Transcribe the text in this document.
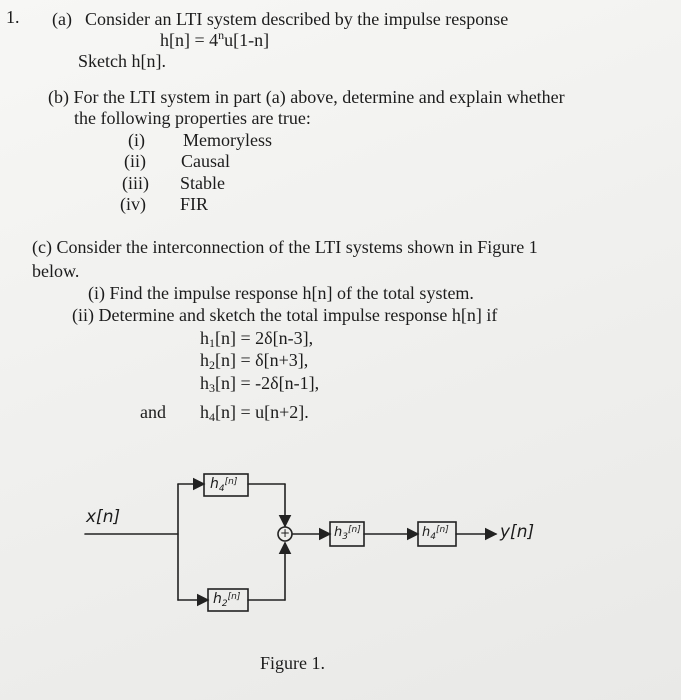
1. (a) Consider an LTI system described by the impulse response
$h[n] = 4^nu[1-n]$
Sketch h[n].
(b) For the LTI system in part (a) above, determine and explain whether
the following properties are true:
(i) Memoryless
(ii) Causal
(iii) Stable
(iv) FIR
(c) Consider the interconnection of the LTI systems shown in Figure 1
below.
(i) Find the impulse response h[n] of the total system.
(ii) Determine and sketch the total impulse response h[n] if
h1[n] = 2δ[n-3],
h2[n] = δ[n+3],
h3[n] = -2δ[n-1],
and h4[n] = u[n+2].
x[n]
y[n]
+
$h_4[n]$
$h_2[n]$
$h_3[n]$	$h_4[n]$
Figure 1.
